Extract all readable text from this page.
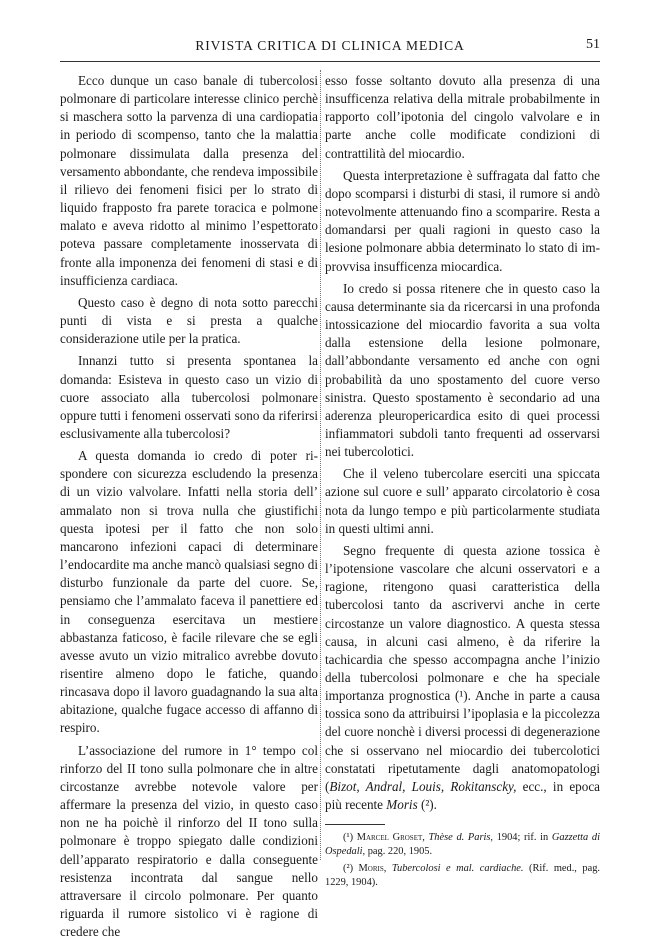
RIVISTA CRITICA DI CLINICA MEDICA	51

Ecco dunque un caso banale di tubercolosi polmonare di particolare interesse clinico perchè si maschera sotto la parvenza di una cardiopatia in periodo di scompenso, tanto che la malattia polmonare dissimulata dalla presenza del versamento abbondante, che rendeva impossibile il rilievo dei fenomeni fisici per lo strato di liquido frapposto fra parete toracica e polmone malato e aveva ridotto al minimo l’espettorato poteva passare completamente inosservata di fronte alla imponenza dei fenomeni di stasi e di insufficienza cardiaca.

Questo caso è degno di nota sotto parecchi punti di vista e si presta a qualche considerazione utile per la pratica.

Innanzi tutto si presenta spontanea la domanda: Esisteva in questo caso un vizio di cuore associato alla tubercolosi polmonare oppure tutti i fenomeni osservati sono da riferirsi esclusivamente alla tubercolosi?

A questa domanda io credo di poter rispondere con sicurezza escludendo la presenza di un vizio valvolare. Infatti nella storia dell’ ammalato non si trova nulla che giustifichi questa ipotesi per il fatto che non solo mancarono infezioni capaci di determinare l’endocardite ma anche mancò qualsiasi segno di disturbo funzionale da parte del cuore. Se, pensiamo che l’ammalato faceva il panettiere ed in conseguenza esercitava un mestiere abbastanza faticoso, è facile rilevare che se egli avesse avuto un vizio mitralico avrebbe dovuto risentire almeno dopo le fatiche, quando rincasava dopo il lavoro guadagnando la sua alta abitazione, qualche fugace accesso di affanno di respiro.

L’associazione del rumore in 1° tempo col rinforzo del II tono sulla polmonare che in altre circostanze avrebbe notevole valore per affermare la presenza del vizio, in questo caso non ne ha poichè il rinforzo del II tono sulla polmonare è troppo spiegato dalle condizioni dell’apparato respiratorio e dalla conseguente resistenza incontrata dal sangue nello attraversare il circolo polmonare. Per quanto riguarda il rumore sistolico vi è ragione di credere che

esso fosse soltanto dovuto alla presenza di una insufficenza relativa della mitrale probabilmente in rapporto coll’ipotonia del cingolo valvolare e in parte anche colle modificate condizioni di contrattilità del miocardio.

Questa interpretazione è suffragata dal fatto che dopo scomparsi i disturbi di stasi, il rumore si andò notevolmente attenuando fino a scomparire. Resta a domandarsi per quali ragioni in questo caso la lesione polmonare abbia determinato lo stato di improvvisa insufficenza miocardica.

Io credo si possa ritenere che in questo caso la causa determinante sia da ricercarsi in una profonda intossicazione del miocardio favorita a sua volta dalla estensione della lesione polmonare, dall’abbondante versamento ed anche con ogni probabilità da uno spostamento del cuore verso sinistra. Questo spostamento è secondario ad una aderenza pleuropericardica esito di quei processi infiammatori subdoli tanto frequenti ad osservarsi nei tubercolotici.

Che il veleno tubercolare eserciti una spiccata azione sul cuore e sull’ apparato circolatorio è cosa nota da lungo tempo e più particolarmente studiata in questi ultimi anni.

Segno frequente di questa azione tossica è l’ipotensione vascolare che alcuni osservatori e a ragione, ritengono quasi caratteristica della tubercolosi tanto da ascrivervi anche in certe circostanze un valore diagnostico. A questa stessa causa, in alcuni casi almeno, è da riferire la tachicardia che spesso accompagna anche l’inizio della tubercolosi polmonare e che ha speciale importanza prognostica (¹). Anche in parte a causa tossica sono da attribuirsi l’ipoplasia e la piccolezza del cuore nonchè i diversi processi di degenerazione che si osservano nel miocardio dei tubercolotici constatati ripetutamente dagli anatomopatologi (Bizot, Andral, Louis, Rokitanscky, ecc., in epoca più recente Moris (²).

(¹) Marcel Groset, Thèse d. Paris, 1904; rif. in Gazzetta di Ospedali, pag. 220, 1905.

(²) Moris, Tubercolosi e mal. cardiache. (Rif. med., pag. 1229, 1904).
